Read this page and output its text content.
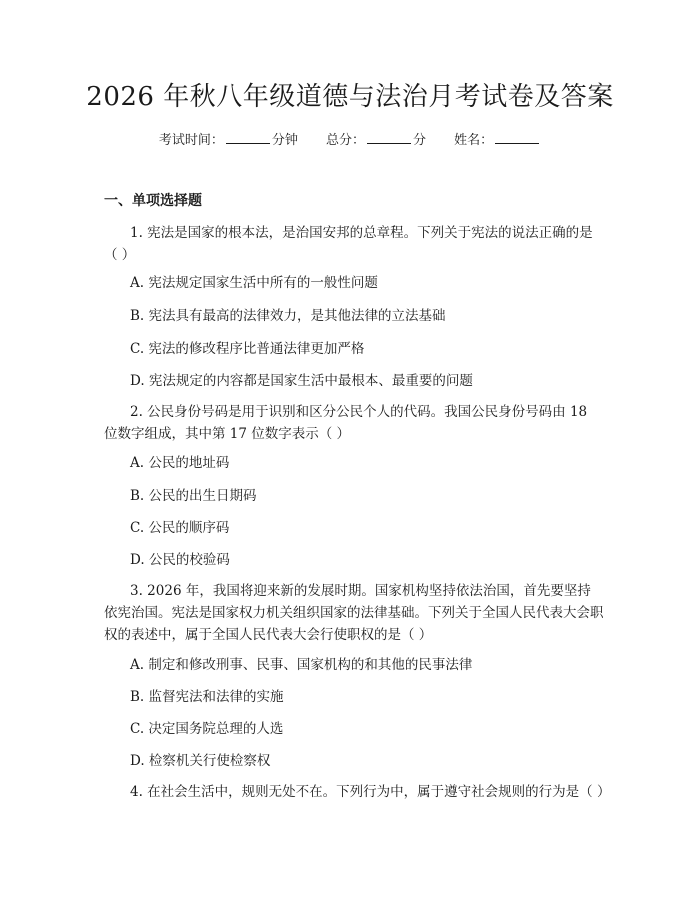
2026 年秋八年级道德与法治月考试卷及答案
考试时间：	分钟 总分：	分 姓名：
一、单项选择题
1. 宪法是国家的根本法，是治国安邦的总章程。下列关于宪法的说法正确的是（ ）
A. 宪法规定国家生活中所有的一般性问题
B. 宪法具有最高的法律效力，是其他法律的立法基础
C. 宪法的修改程序比普通法律更加严格
D. 宪法规定的内容都是国家生活中最根本、最重要的问题
2. 公民身份号码是用于识别和区分公民个人的代码。我国公民身份号码由 18 位数字组成，其中第 17 位数字表示（ ）
A. 公民的地址码
B. 公民的出生日期码
C. 公民的顺序码
D. 公民的校验码
3. 2026 年，我国将迎来新的发展时期。国家机构坚持依法治国，首先要坚持依宪治国。宪法是国家权力机关组织国家的法律基础。下列关于全国人民代表大会职权的表述中，属于全国人民代表大会行使职权的是（ ）
A. 制定和修改刑事、民事、国家机构的和其他的民事法律
B. 监督宪法和法律的实施
C. 决定国务院总理的人选
D. 检察机关行使检察权
4. 在社会生活中，规则无处不在。下列行为中，属于遵守社会规则的行为是（ ）
